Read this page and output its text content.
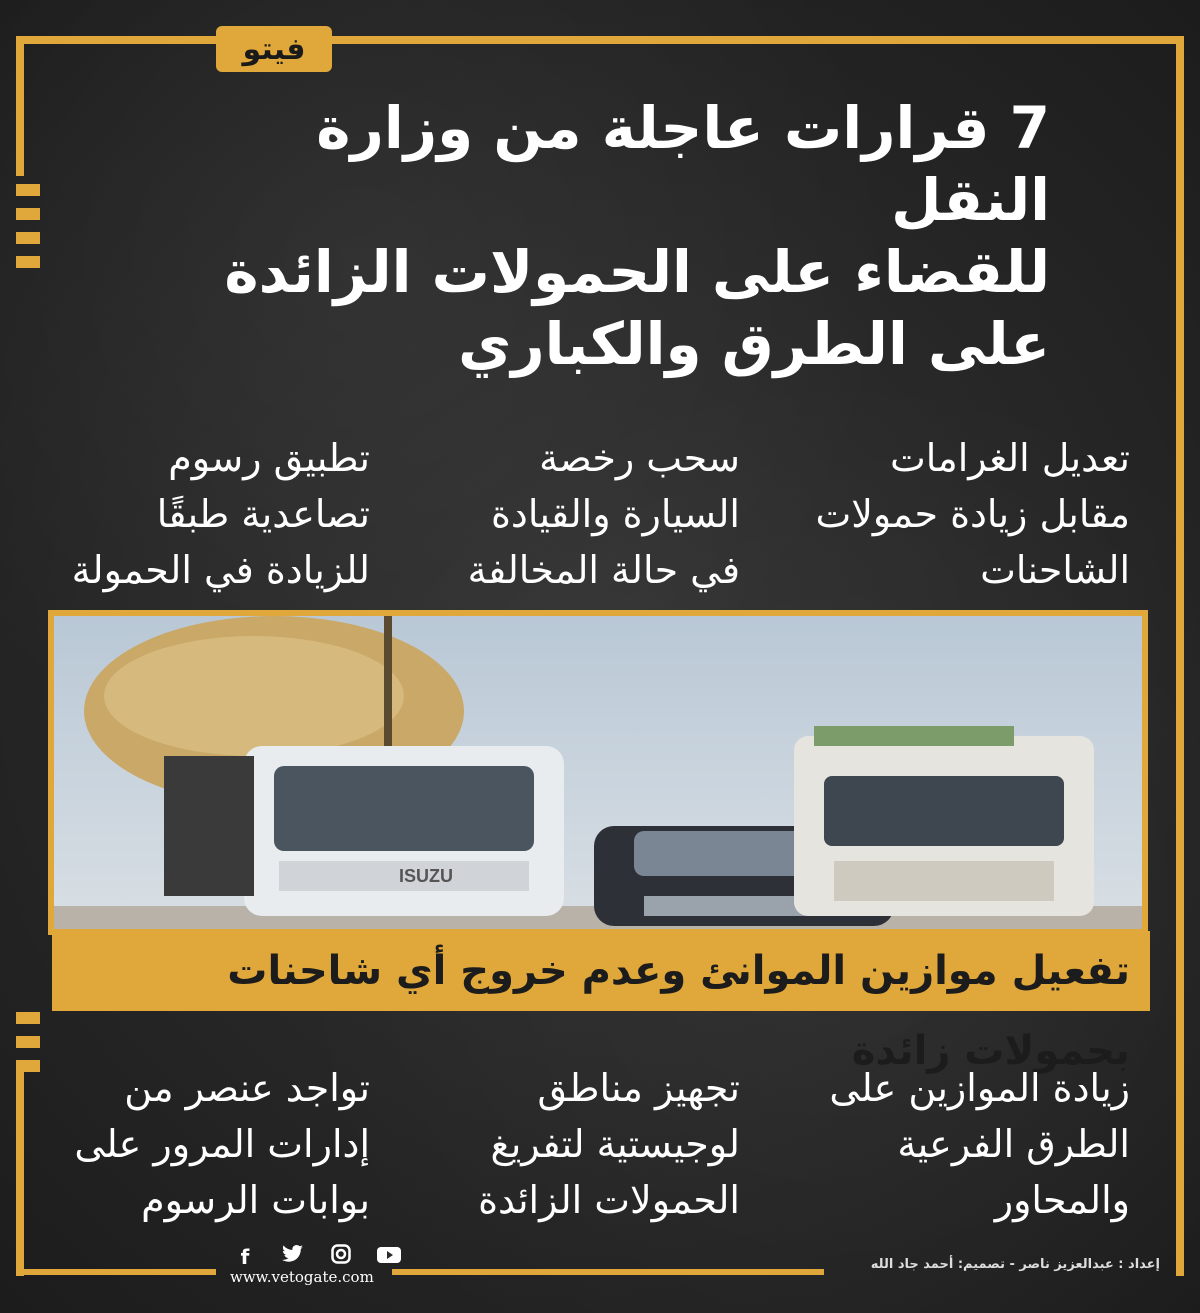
فيتو
7 قرارات عاجلة من وزارة النقل
للقضاء على الحمولات الزائدة
على الطرق والكباري
تعديل الغرامات
مقابل زيادة حمولات
الشاحنات
سحب رخصة
السيارة والقيادة
في حالة المخالفة
تطبيق رسوم
تصاعدية طبقًا
للزيادة في الحمولة
ISUZU
تفعيل موازين الموانئ وعدم خروج أي شاحنات بحمولات زائدة
زيادة الموازين على
الطرق الفرعية
والمحاور
تجهيز مناطق
لوجيستية لتفريغ
الحمولات الزائدة
تواجد عنصر من
إدارات المرور على
بوابات الرسوم
f
www.vetogate.com
إعداد : عبدالعزيز ناصر - تصميم: أحمد جاد الله
